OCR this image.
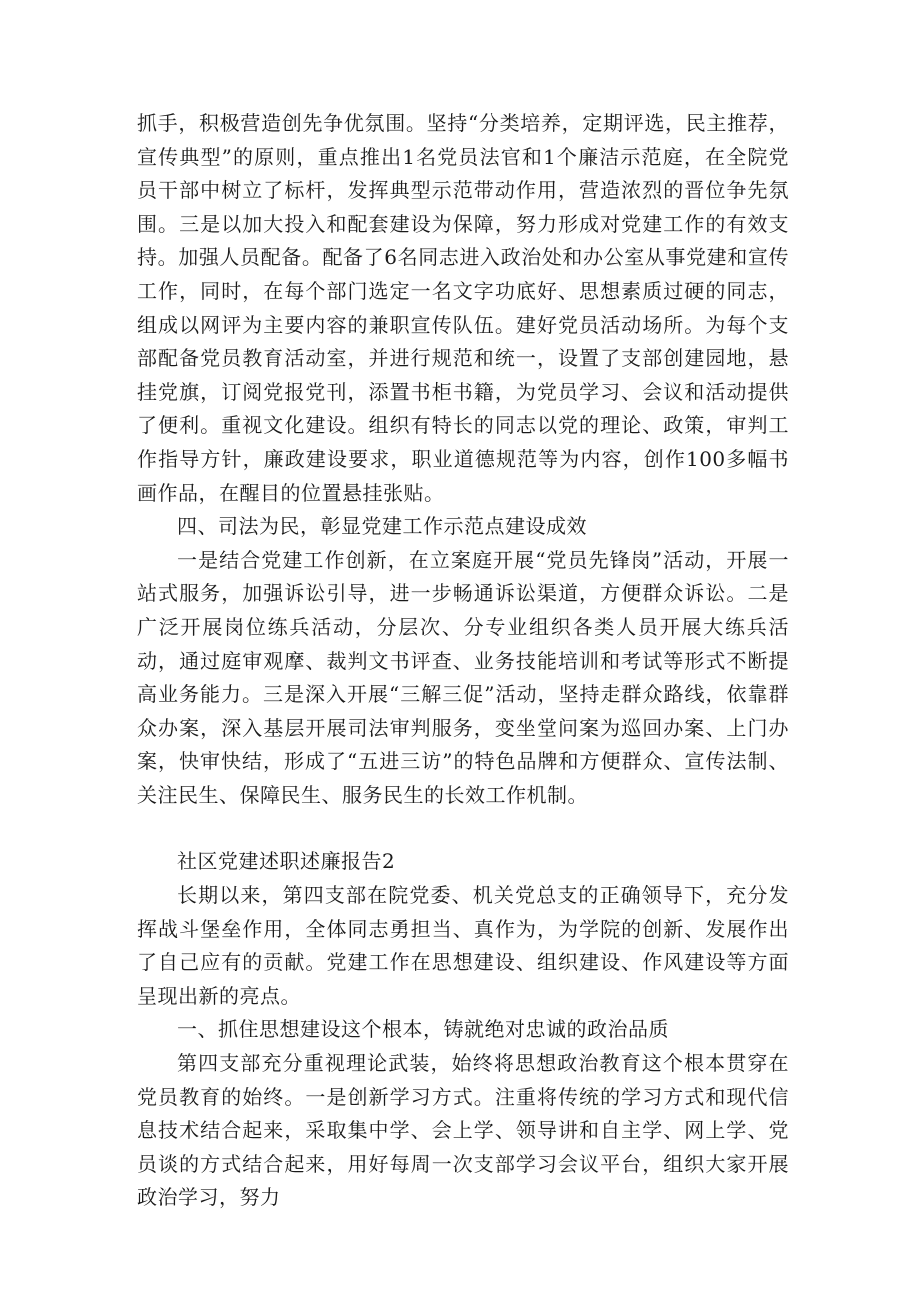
抓手，积极营造创先争优氛围。坚持“分类培养，定期评选，民主推荐，宣传典型”的原则，重点推出1名党员法官和1个廉洁示范庭，在全院党员干部中树立了标杆，发挥典型示范带动作用，营造浓烈的晋位争先氛围。三是以加大投入和配套建设为保障，努力形成对党建工作的有效支持。加强人员配备。配备了6名同志进入政治处和办公室从事党建和宣传工作，同时，在每个部门选定一名文字功底好、思想素质过硬的同志，组成以网评为主要内容的兼职宣传队伍。建好党员活动场所。为每个支部配备党员教育活动室，并进行规范和统一，设置了支部创建园地，悬挂党旗，订阅党报党刊，添置书柜书籍，为党员学习、会议和活动提供了便利。重视文化建设。组织有特长的同志以党的理论、政策，审判工作指导方针，廉政建设要求，职业道德规范等为内容，创作100多幅书画作品，在醒目的位置悬挂张贴。

四、司法为民，彰显党建工作示范点建设成效

一是结合党建工作创新，在立案庭开展“党员先锋岗”活动，开展一站式服务，加强诉讼引导，进一步畅通诉讼渠道，方便群众诉讼。二是广泛开展岗位练兵活动，分层次、分专业组织各类人员开展大练兵活动，通过庭审观摩、裁判文书评查、业务技能培训和考试等形式不断提高业务能力。三是深入开展“三解三促”活动，坚持走群众路线，依靠群众办案，深入基层开展司法审判服务，变坐堂问案为巡回办案、上门办案，快审快结，形成了“五进三访”的特色品牌和方便群众、宣传法制、关注民生、保障民生、服务民生的长效工作机制。

社区党建述职述廉报告2

长期以来，第四支部在院党委、机关党总支的正确领导下，充分发挥战斗堡垒作用，全体同志勇担当、真作为，为学院的创新、发展作出了自己应有的贡献。党建工作在思想建设、组织建设、作风建设等方面呈现出新的亮点。

一、抓住思想建设这个根本，铸就绝对忠诚的政治品质

第四支部充分重视理论武装，始终将思想政治教育这个根本贯穿在党员教育的始终。一是创新学习方式。注重将传统的学习方式和现代信息技术结合起来，采取集中学、会上学、领导讲和自主学、网上学、党员谈的方式结合起来，用好每周一次支部学习会议平台，组织大家开展政治学习，努力
